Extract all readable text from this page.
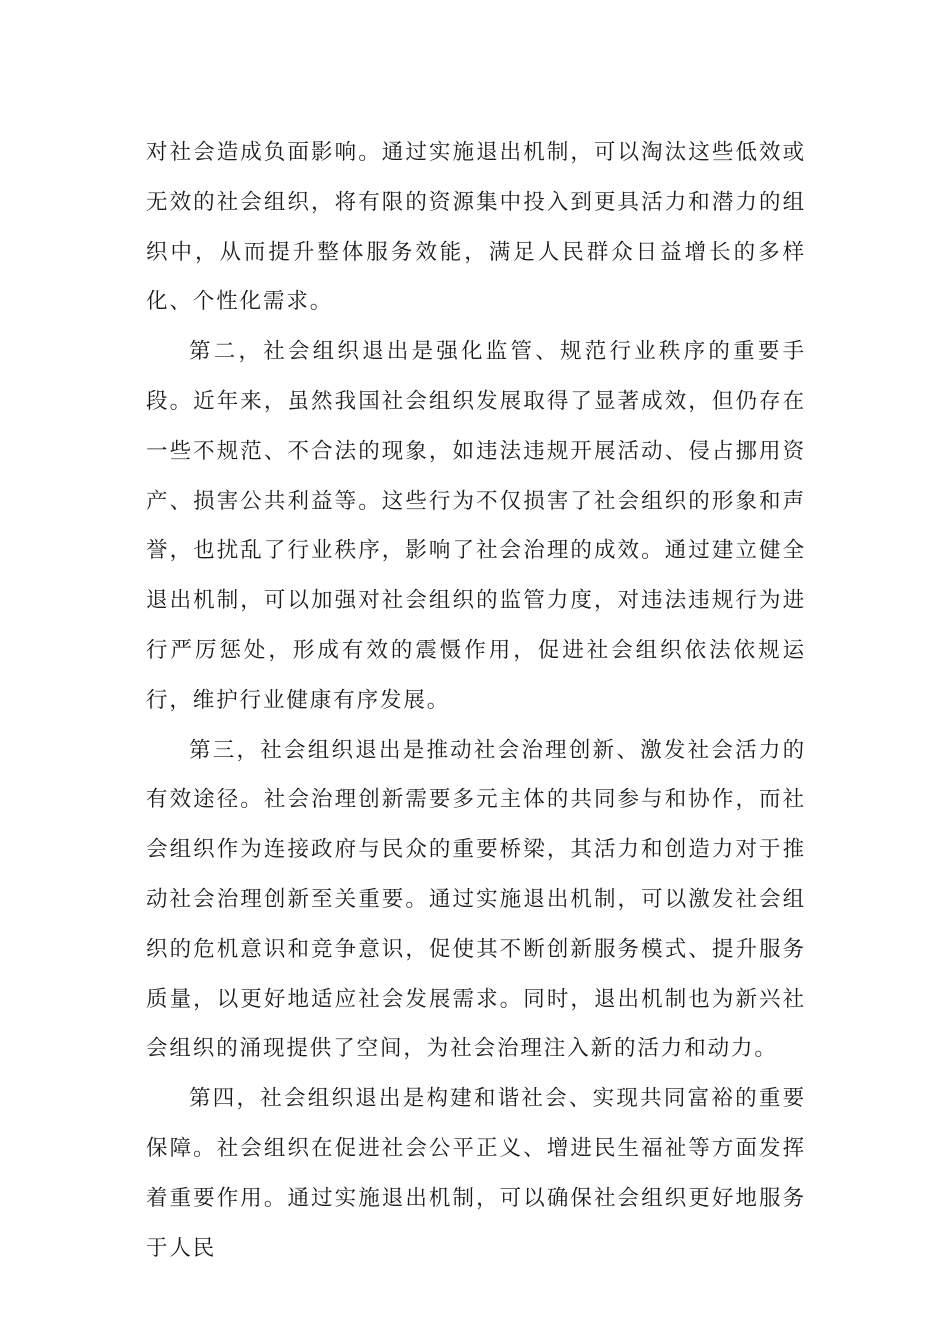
对社会造成负面影响。通过实施退出机制，可以淘汰这些低效或无效的社会组织，将有限的资源集中投入到更具活力和潜力的组织中，从而提升整体服务效能，满足人民群众日益增长的多样化、个性化需求。

第二，社会组织退出是强化监管、规范行业秩序的重要手段。近年来，虽然我国社会组织发展取得了显著成效，但仍存在一些不规范、不合法的现象，如违法违规开展活动、侵占挪用资产、损害公共利益等。这些行为不仅损害了社会组织的形象和声誉，也扰乱了行业秩序，影响了社会治理的成效。通过建立健全退出机制，可以加强对社会组织的监管力度，对违法违规行为进行严厉惩处，形成有效的震慑作用，促进社会组织依法依规运行，维护行业健康有序发展。

第三，社会组织退出是推动社会治理创新、激发社会活力的有效途径。社会治理创新需要多元主体的共同参与和协作，而社会组织作为连接政府与民众的重要桥梁，其活力和创造力对于推动社会治理创新至关重要。通过实施退出机制，可以激发社会组织的危机意识和竞争意识，促使其不断创新服务模式、提升服务质量，以更好地适应社会发展需求。同时，退出机制也为新兴社会组织的涌现提供了空间，为社会治理注入新的活力和动力。

第四，社会组织退出是构建和谐社会、实现共同富裕的重要保障。社会组织在促进社会公平正义、增进民生福祉等方面发挥着重要作用。通过实施退出机制，可以确保社会组织更好地服务于人民
